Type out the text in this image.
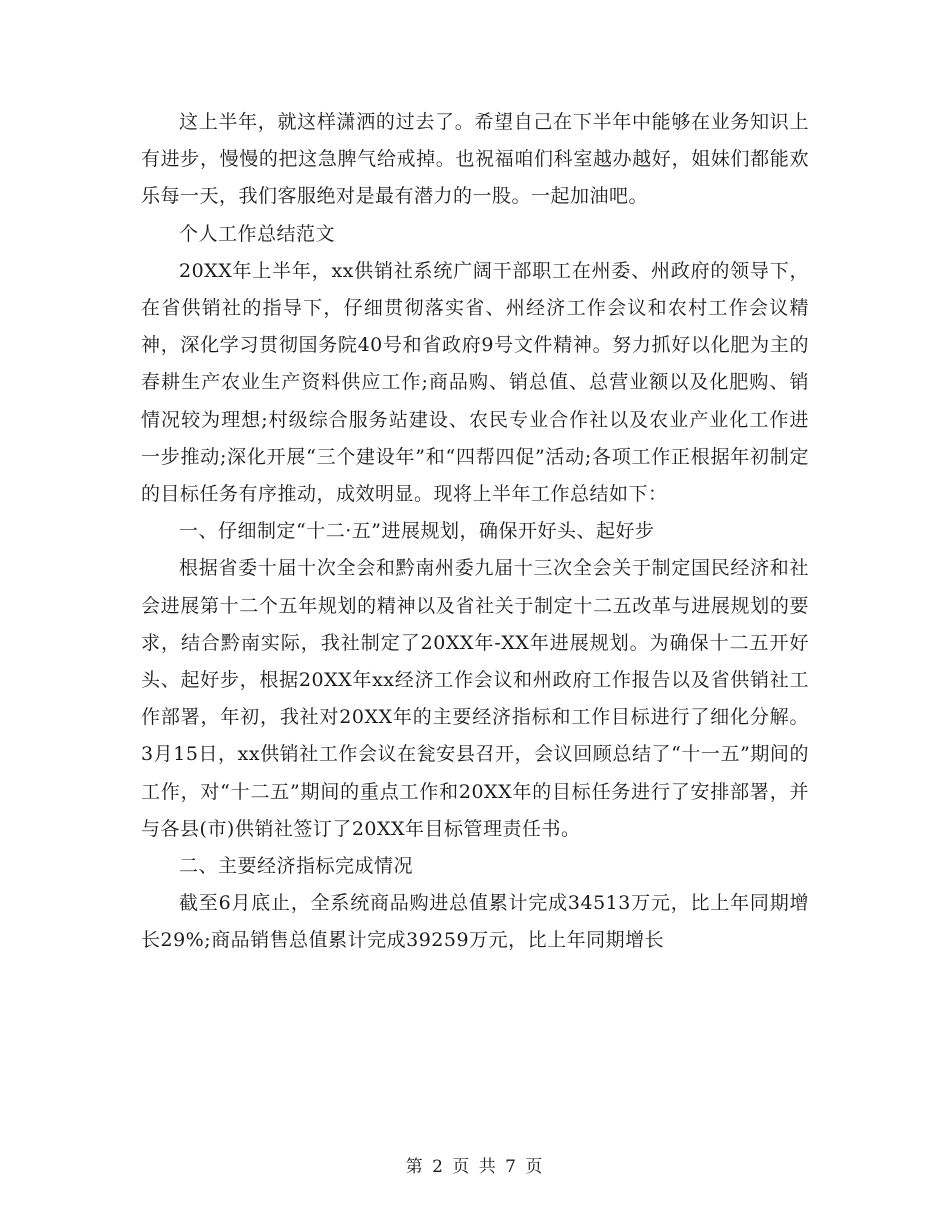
这上半年，就这样潇洒的过去了。希望自己在下半年中能够在业务知识上有进步，慢慢的把这急脾气给戒掉。也祝福咱们科室越办越好，姐妹们都能欢乐每一天，我们客服绝对是最有潜力的一股。一起加油吧。

个人工作总结范文

20XX年上半年，xx供销社系统广阔干部职工在州委、州政府的领导下，在省供销社的指导下，仔细贯彻落实省、州经济工作会议和农村工作会议精神，深化学习贯彻国务院40号和省政府9号文件精神。努力抓好以化肥为主的春耕生产农业生产资料供应工作;商品购、销总值、总营业额以及化肥购、销情况较为理想;村级综合服务站建设、农民专业合作社以及农业产业化工作进一步推动;深化开展“三个建设年”和“四帮四促”活动;各项工作正根据年初制定的目标任务有序推动，成效明显。现将上半年工作总结如下：

一、仔细制定“十二·五”进展规划，确保开好头、起好步

根据省委十届十次全会和黔南州委九届十三次全会关于制定国民经济和社会进展第十二个五年规划的精神以及省社关于制定十二五改革与进展规划的要求，结合黔南实际，我社制定了20XX年-XX年进展规划。为确保十二五开好头、起好步，根据20XX年xx经济工作会议和州政府工作报告以及省供销社工作部署，年初，我社对20XX年的主要经济指标和工作目标进行了细化分解。3月15日，xx供销社工作会议在瓮安县召开，会议回顾总结了“十一五”期间的工作，对“十二五”期间的重点工作和20XX年的目标任务进行了安排部署，并与各县(市)供销社签订了20XX年目标管理责任书。

二、主要经济指标完成情况

截至6月底止，全系统商品购进总值累计完成34513万元，比上年同期增长29%;商品销售总值累计完成39259万元，比上年同期增长

第 2 页 共 7 页
